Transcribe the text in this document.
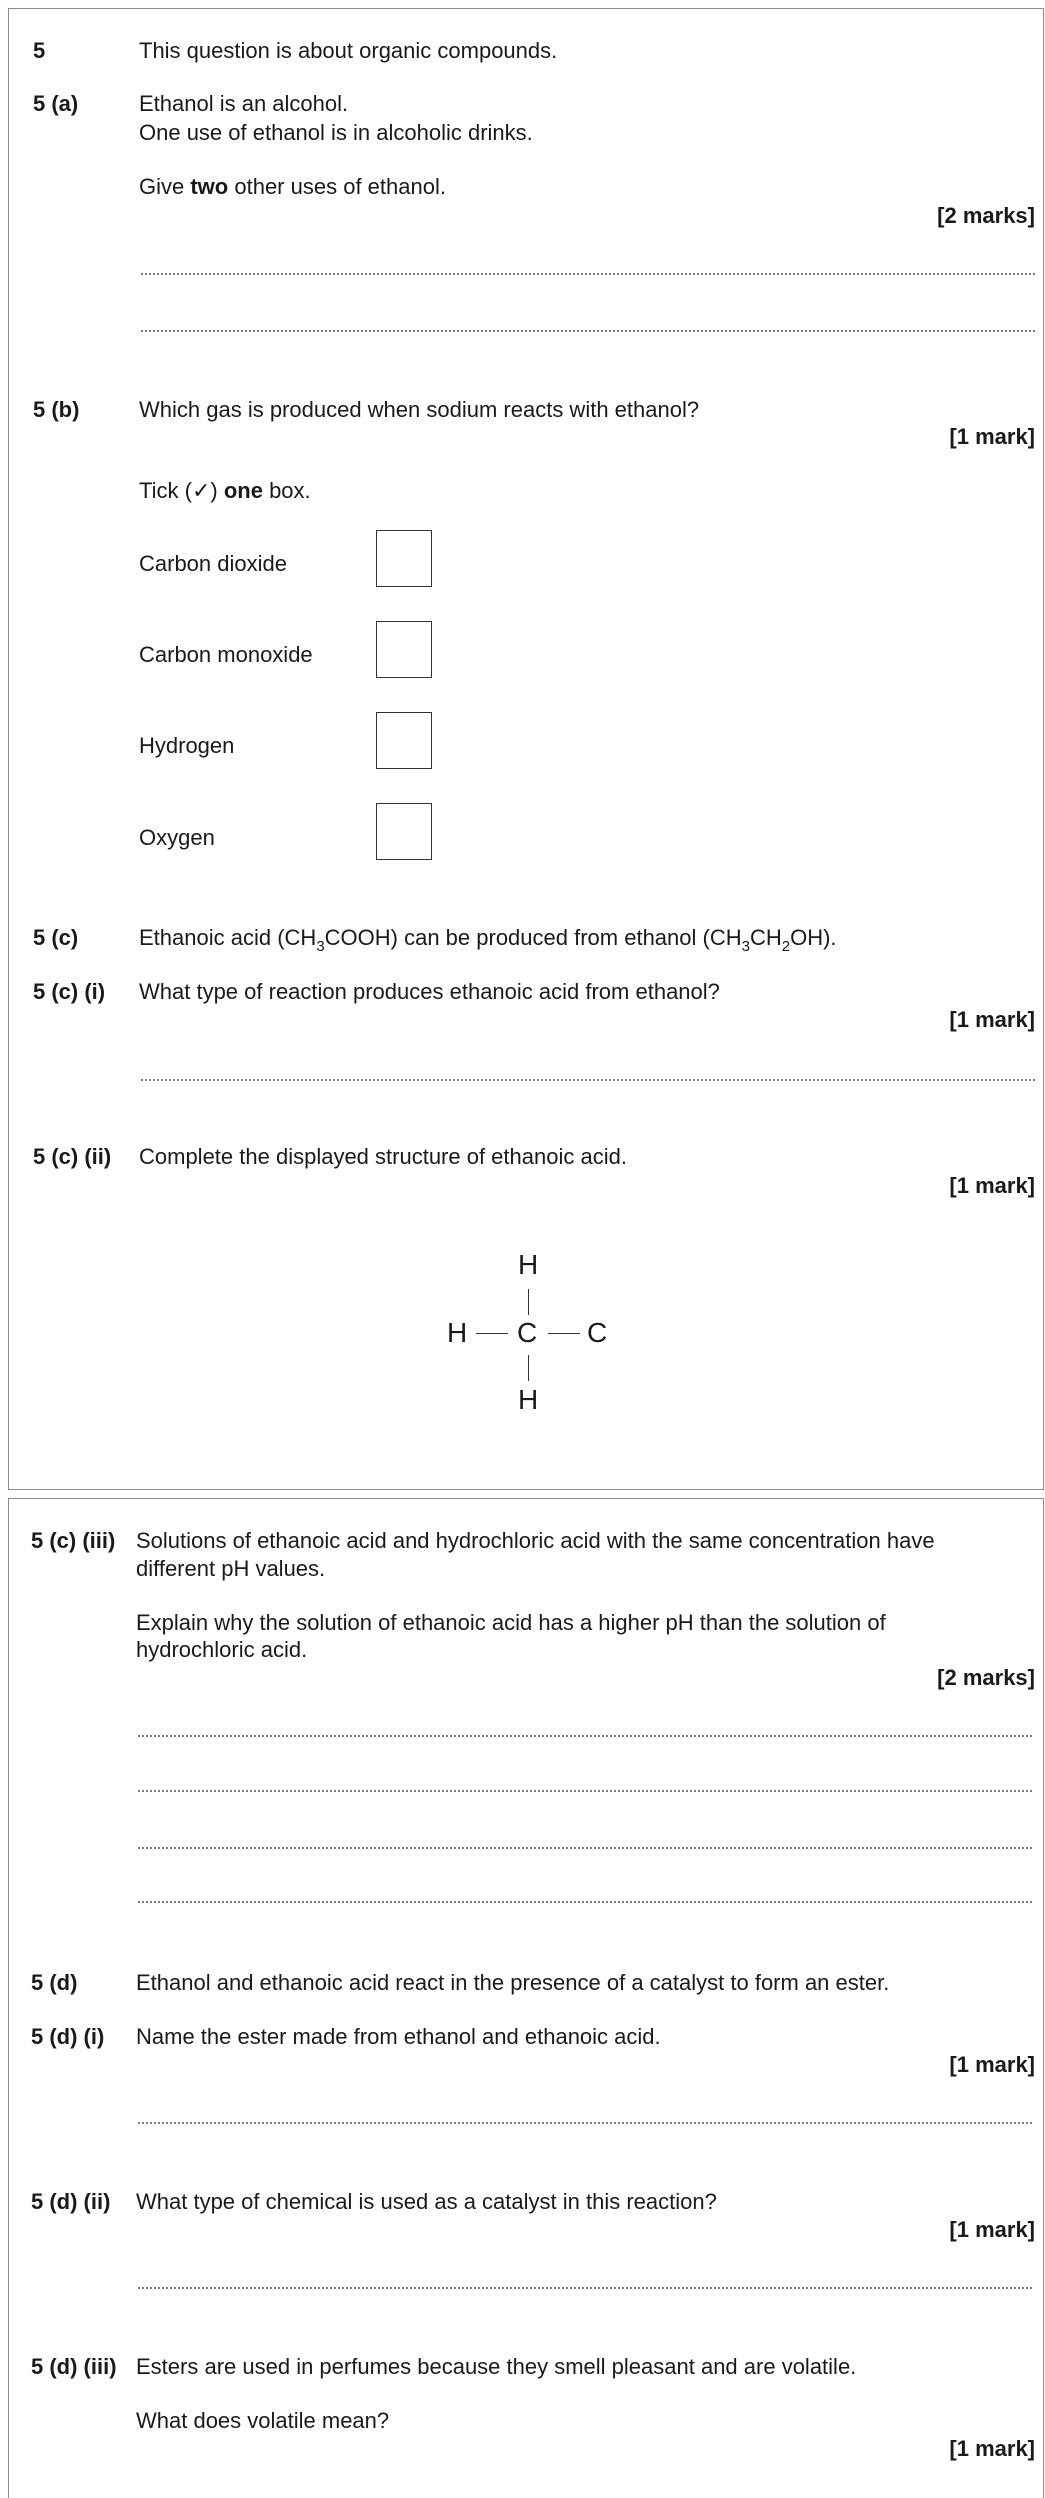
5	This question is about organic compounds.
5 (a)	Ethanol is an alcohol.
One use of ethanol is in alcoholic drinks.
Give two other uses of ethanol.
[2 marks]
5 (b)	Which gas is produced when sodium reacts with ethanol?
[1 mark]
Tick (✓) one box.
Carbon dioxide
Carbon monoxide
Hydrogen
Oxygen
5 (c)	Ethanoic acid $(CH_3COOH)$ can be produced from ethanol $(CH_3CH_2OH)$.
5 (c) (i) What type of reaction produces ethanoic acid from ethanol?
[1 mark]
5 (c) (ii) Complete the displayed structure of ethanoic acid.
[1 mark]
H
H C C
H
5 (c) (iii) Solutions of ethanoic acid and hydrochloric acid with the same concentration have
different pH values.
Explain why the solution of ethanoic acid has a higher pH than the solution of
hydrochloric acid.
[2 marks]
5 (d)	Ethanol and ethanoic acid react in the presence of a catalyst to form an ester.
5 (d) (i) Name the ester made from ethanol and ethanoic acid.
[1 mark]
5 (d) (ii) What type of chemical is used as a catalyst in this reaction?
[1 mark]
5 (d) (iii) Esters are used in perfumes because they smell pleasant and are volatile.
What does volatile mean?
[1 mark]
